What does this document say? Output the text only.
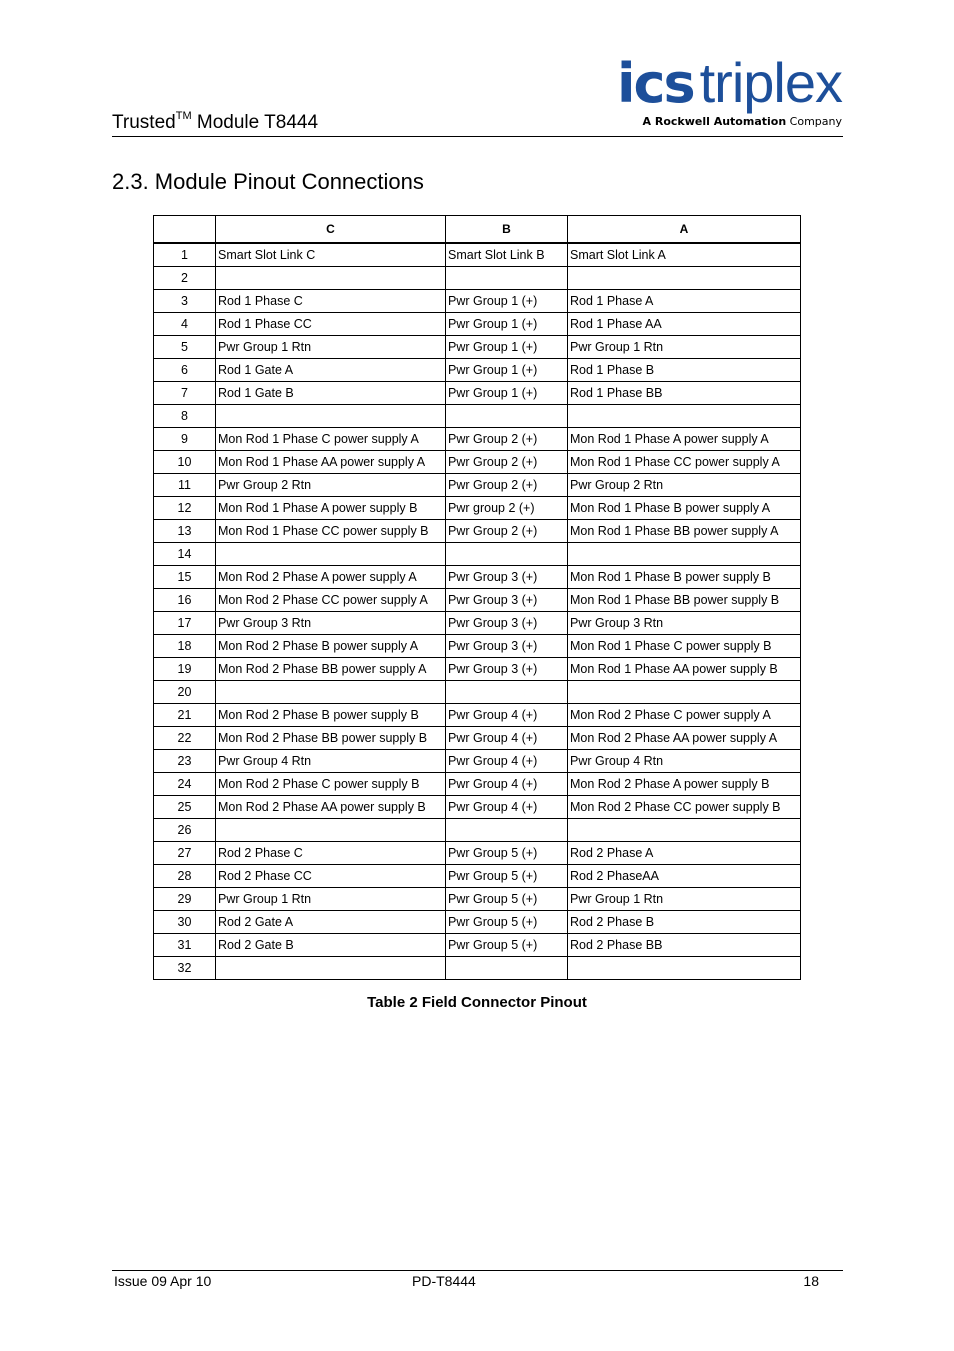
Trusted™ Module T8444
ics triplex
A Rockwell Automation Company
2.3. Module Pinout Connections
	C	B	A
1	Smart Slot Link C	Smart Slot Link B	Smart Slot Link A
2			
3	Rod 1 Phase C	Pwr Group 1 (+)	Rod 1 Phase A
4	Rod 1 Phase CC	Pwr Group 1 (+)	Rod 1 Phase AA
5	Pwr Group 1 Rtn	Pwr Group 1 (+)	Pwr Group 1 Rtn
6	Rod 1 Gate A	Pwr Group 1 (+)	Rod 1 Phase B
7	Rod 1 Gate B	Pwr Group 1 (+)	Rod 1 Phase BB
8			
9	Mon Rod 1 Phase C power supply A	Pwr Group 2 (+)	Mon Rod 1 Phase A power supply A
10	Mon Rod 1 Phase AA power supply A	Pwr Group 2 (+)	Mon Rod 1 Phase CC power supply A
11	Pwr Group 2 Rtn	Pwr Group 2 (+)	Pwr Group 2 Rtn
12	Mon Rod 1 Phase A power supply B	Pwr group 2 (+)	Mon Rod 1 Phase B power supply A
13	Mon Rod 1 Phase CC power supply B	Pwr Group 2 (+)	Mon Rod 1 Phase BB power supply A
14			
15	Mon Rod 2 Phase A power supply A	Pwr Group 3 (+)	Mon Rod 1 Phase B power supply B
16	Mon Rod 2 Phase CC power supply A	Pwr Group 3 (+)	Mon Rod 1 Phase BB power supply B
17	Pwr Group 3 Rtn	Pwr Group 3 (+)	Pwr Group 3 Rtn
18	Mon Rod 2 Phase B power supply A	Pwr Group 3 (+)	Mon Rod 1 Phase C power supply B
19	Mon Rod 2 Phase BB power supply A	Pwr Group 3 (+)	Mon Rod 1 Phase AA power supply B
20			
21	Mon Rod 2 Phase B power supply B	Pwr Group 4 (+)	Mon Rod 2 Phase C power supply A
22	Mon Rod 2 Phase BB power supply B	Pwr Group 4 (+)	Mon Rod 2 Phase AA power supply A
23	Pwr Group 4 Rtn	Pwr Group 4 (+)	Pwr Group 4 Rtn
24	Mon Rod 2 Phase C power supply B	Pwr Group 4 (+)	Mon Rod 2 Phase A power supply B
25	Mon Rod 2 Phase AA power supply B	Pwr Group 4 (+)	Mon Rod 2 Phase CC power supply B
26			
27	Rod 2 Phase C	Pwr Group 5 (+)	Rod 2 Phase A
28	Rod 2 Phase CC	Pwr Group 5 (+)	Rod 2 PhaseAA
29	Pwr Group 1 Rtn	Pwr Group 5 (+)	Pwr Group 1 Rtn
30	Rod 2 Gate A	Pwr Group 5 (+)	Rod 2 Phase B
31	Rod 2 Gate B	Pwr Group 5 (+)	Rod 2 Phase BB
32			
Table 2 Field Connector Pinout
Issue 09 Apr 10	PD-T8444	18
